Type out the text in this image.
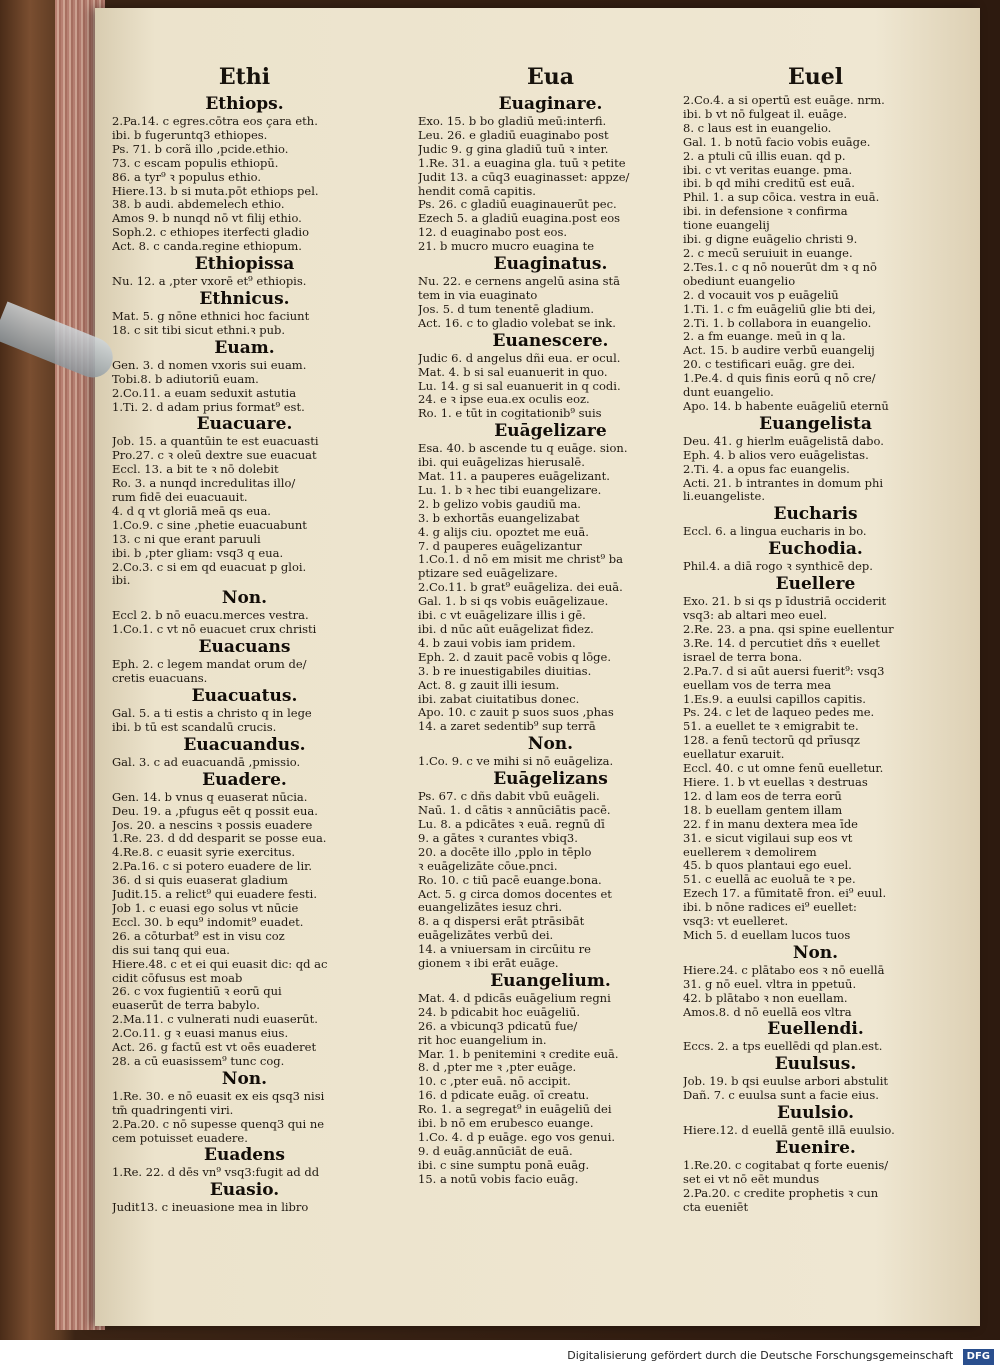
Ethi
Ethiops.
2.Pa.14. c egres.cōtra eos çara eth.
ibi. b fugeruntq3 ethiopes.
Ps. 71. b corã illo ,pcide.ethio.
73. c escam populis ethiopū.
86. a tyr⁹ ꝛ populus ethio.
Hiere.13. b si muta.pōt ethiops pel.
38. b audi. abdemelech ethio.
Amos 9. b nunqd nō vt filij ethio.
Soph.2. c ethiopes iterfecti gladio
Act. 8. c canda.regine ethiopum.
Ethiopissa
Nu. 12. a ,pter vxorē et⁹ ethiopis.
Ethnicus.
Mat. 5. g nōne ethnici hoc faciunt
18. c sit tibi sicut ethni.ꝛ pub.
Euam.
Gen. 3. d nomen vxoris sui euam.
Tobi.8. b adiutoriū euam.
2.Co.11. a euam seduxit astutia
1.Ti. 2. d adam prius format⁹ est.
Euacuare.
Job. 15. a quantūin te est euacuasti
Pro.27. c ꝛ oleū dextre sue euacuat
Eccl. 13. a bit te ꝛ nō dolebit
Ro. 3. a nunqd incredulitas illo/
rum fidē dei euacuauit.
4. d q vt gloriā meā qs eua.
1.Co.9. c sine ,phetie euacuabunt
13. c ni que erant paruuli
ibi. b ,pter gliam: vsq3 q eua.
2.Co.3. c si em qd euacuat p gloi.
ibi.
Non.
Eccl 2. b nō euacu.merces vestra.
1.Co.1. c vt nō euacuet crux christi
Euacuans
Eph. 2. c legem mandat orum de/
cretis euacuans.
Euacuatus.
Gal. 5. a ti estis a christo q in lege
ibi. b tū est scandalū crucis.
Euacuandus.
Gal. 3. c ad euacuandā ,pmissio.
Euadere.
Gen. 14. b vnus q euaserat nūcia.
Deu. 19. a ,pfugus eēt q possit eua.
Jos. 20. a nescins ꝛ possis euadere
1.Re. 23. d dd desparit se posse eua.
4.Re.8. c euasit syrie exercitus.
2.Pa.16. c si potero euadere de lir.
36. d si quis euaserat gladium
Judit.15. a relict⁹ qui euadere festi.
Job 1. c euasi ego solus vt nūcie
Eccl. 30. b equ⁹ indomit⁹ euadet.
26. a cōturbat⁹ est in visu coz
dis sui tanq qui eua.
Hiere.48. c et ei qui euasit dic: qd ac
cidit cōfusus est moab
26. c vox fugientiū ꝛ eorū qui
euaserūt de terra babylo.
2.Ma.11. c vulnerati nudi euaserūt.
2.Co.11. g ꝛ euasi manus eius.
Act. 26. g factū est vt oēs euaderet
28. a cū euasissem⁹ tunc cog.
Non.
1.Re. 30. e nō euasit ex eis qsq3 nisi
tm̄ quadringenti viri.
2.Pa.20. c nō supesse quenq3 qui ne
cem potuisset euadere.
Euadens
1.Re. 22. d dēs vn⁹ vsq3:fugit ad dd
Euasio.
Judit13. c ineuasione mea in libro
Eua
Euaginare.
Exo. 15. b bo gladiū meū:interfi.
Leu. 26. e gladiū euaginabo post
Judic 9. g gina gladiū tuū ꝛ inter.
1.Re. 31. a euagina gla. tuū ꝛ petite
Judit 13. a cūq3 euaginasset: appze/
hendit comā capitis.
Ps. 26. c gladiū euaginauerūt pec.
Ezech 5. a gladiū euagina.post eos
12. d euaginabo post eos.
21. b mucro mucro euagina te
Euaginatus.
Nu. 22. e cernens angelū asina stā
tem in via euaginato
Jos. 5. d tum tenentē gladium.
Act. 16. c to gladio volebat se ink.
Euanescere.
Judic 6. d angelus dñi eua. er ocul.
Mat. 4. b si sal euanuerit in quo.
Lu. 14. g si sal euanuerit in q codi.
24. e ꝛ ipse eua.ex oculis eoz.
Ro. 1. e tūt in cogitationib⁹ suis
Euāgelizare
Esa. 40. b ascende tu q euāge. sion.
ibi. qui euāgelizas hierusalē.
Mat. 11. a pauperes euāgelizant.
Lu. 1. b ꝛ hec tibi euangelizare.
2. b gelizo vobis gaudiū ma.
3. b exhortās euangelizabat
4. g alijs ciu. opoztet me euā.
7. d pauperes euāgelizantur
1.Co.1. d nō em misit me christ⁹ ba
ptizare sed euāgelizare.
2.Co.11. b grat⁹ euāgeliza. dei euā.
Gal. 1. b si qs vobis euāgelizaue.
ibi. c vt euāgelizare illis i gē.
ibi. d nūc aūt euāgelizat fidez.
4. b zaui vobis iam pridem.
Eph. 2. d zauit pacē vobis q lōge.
3. b re inuestigabiles diuitias.
Act. 8. g zauit illi iesum.
ibi. zabat ciuitatibus donec.
Apo. 10. c zauit p suos suos ,phas
14. a zaret sedentib⁹ sup terrā
Non.
1.Co. 9. c ve mihi si nō euāgeliza.
Euāgelizans
Ps. 67. c dñs dabit vbū euāgeli.
Naū. 1. d cātis ꝛ annūciātis pacē.
Lu. 8. a pdicātes ꝛ euā. regnū dī
9. a gātes ꝛ curantes vbiq3.
20. a docēte illo ,pplo in tēplo
ꝛ euāgelizāte cōue.pnci.
Ro. 10. c tiū pacē euange.bona.
Act. 5. g circa domos docentes et
euangelizātes iesuz chri.
8. a q dispersi erāt ptrāsibāt
euāgelizātes verbū dei.
14. a vniuersam in circūitu re
gionem ꝛ ibi erāt euāge.
Euangelium.
Mat. 4. d pdicās euāgelium regni
24. b pdicabit hoc euāgeliū.
26. a vbicunq3 pdicatū fue/
rit hoc euangelium in.
Mar. 1. b penitemini ꝛ credite euā.
8. d ,pter me ꝛ ,pter euāge.
10. c ,pter euā. nō accipit.
16. d pdicate euāg. oī creatu.
Ro. 1. a segregat⁹ in euāgeliū dei
ibi. b nō em erubesco euange.
1.Co. 4. d p euāge. ego vos genui.
9. d euāg.annūciāt de euā.
ibi. c sine sumptu ponā euāg.
15. a notū vobis facio euāg.
Euel
2.Co.4. a si opertū est euāge. nrm.
ibi. b vt nō fulgeat il. euāge.
8. c laus est in euangelio.
Gal. 1. b notū facio vobis euāge.
2. a ptuli cū illis euan. qd p.
ibi. c vt veritas euange. pma.
ibi. b qd mihi creditū est euā.
Phil. 1. a sup cōica. vestra in euā.
ibi. in defensione ꝛ confirma
tione euangelij
ibi. g digne euāgelio christi 9.
2. c mecū seruiuit in euange.
2.Tes.1. c q nō nouerūt dm ꝛ q nō
obediunt euangelio
2. d vocauit vos p euāgeliū
1.Ti. 1. c fm euāgeliū glie bti dei,
2.Ti. 1. b collabora in euangelio.
2. a fm euange. meū in q la.
Act. 15. b audire verbū euangelij
20. c testificari euāg. gre dei.
1.Pe.4. d quis finis eorū q nō cre/
dunt euangelio.
Apo. 14. b habente euāgeliū eternū
Euangelista
Deu. 41. g hierlm euāgelistā dabo.
Eph. 4. b alios vero euāgelistas.
2.Ti. 4. a opus fac euangelis.
Acti. 21. b intrantes in domum phi
li.euangeliste.
Eucharis
Eccl. 6. a lingua eucharis in bo.
Euchodia.
Phil.4. a diā rogo ꝛ synthicē dep.
Euellere
Exo. 21. b si qs p īdustriā occiderit
vsq3: ab altari meo euel.
2.Re. 23. a pna. qsi spine euellentur
3.Re. 14. d percutiet dñs ꝛ euellet
israel de terra bona.
2.Pa.7. d si aūt auersi fuerit⁹: vsq3
euellam vos de terra mea
1.Es.9. a euulsi capillos capitis.
Ps. 24. c let de laqueo pedes me.
51. a euellet te ꝛ emigrabit te.
128. a fenū tectorū qd prīusqz
euellatur exaruit.
Eccl. 40. c ut omne fenū euelletur.
Hiere. 1. b vt euellas ꝛ destruas
12. d lam eos de terra eorū
18. b euellam gentem illam
22. f in manu dextera mea īde
31. e sicut vigilaui sup eos vt
euellerem ꝛ demolirem
45. b quos plantaui ego euel.
51. c euellā ac euoluā te ꝛ pe.
Ezech 17. a fūmitatē fron. ei⁹ euul.
ibi. b nōne radices ei⁹ euellet:
vsq3: vt euelleret.
Mich 5. d euellam lucos tuos
Non.
Hiere.24. c plātabo eos ꝛ nō euellā
31. g nō euel. vltra in ppetuū.
42. b plātabo ꝛ non euellam.
Amos.8. d nō euellā eos vltra
Euellendi.
Eccs. 2. a tps euellēdi qd plan.est.
Euulsus.
Job. 19. b qsi euulse arbori abstulit
Dañ. 7. c euulsa sunt a facie eius.
Euulsio.
Hiere.12. d euellā gentē illā euulsio.
Euenire.
1.Re.20. c cogitabat q forte euenis/
set ei vt nō eēt mundus
2.Pa.20. c credite prophetis ꝛ cun
cta eueniēt
Digitalisierung gefördert durch die Deutsche Forschungsgemeinschaft DFG
